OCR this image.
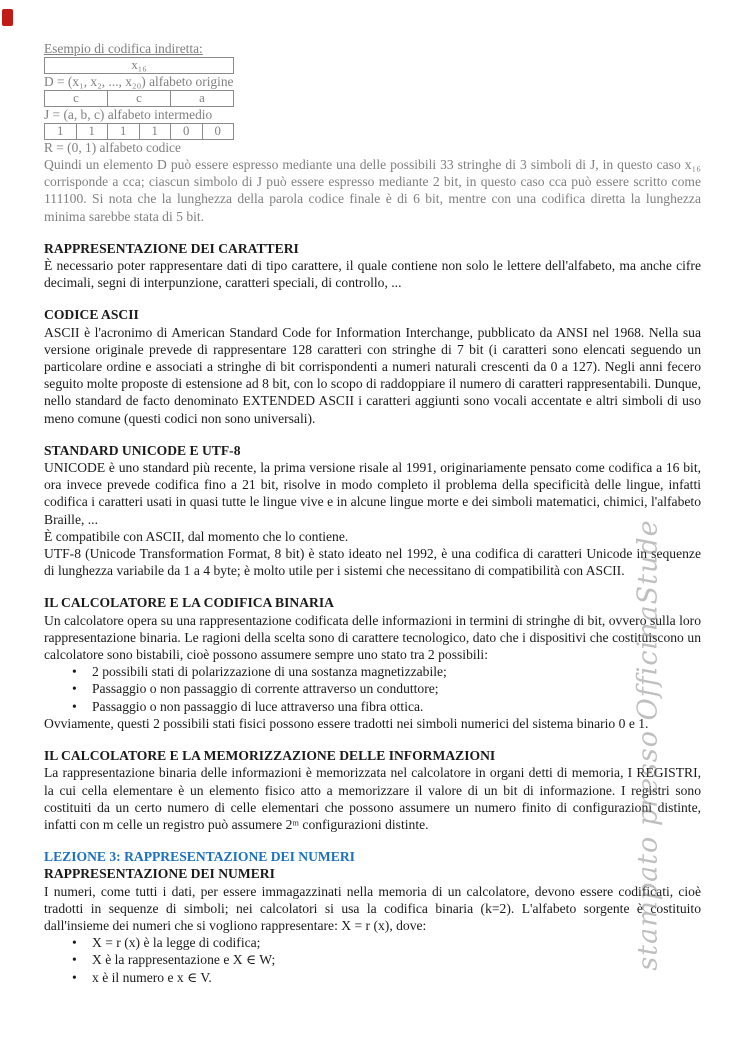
Esempio di codifica indiretta:
x₁₆
D = (x₁, x₂, ..., x₂₀) alfabeto origine
c	c	a
J = (a, b, c) alfabeto intermedio
1	1	1	1	0	0
R = (0, 1) alfabeto codice

Quindi un elemento D può essere espresso mediante una delle possibili 33 stringhe di 3 simboli di J, in questo caso x₁₆ corrisponde a cca; ciascun simbolo di J può essere espresso mediante 2 bit, in questo caso cca può essere scritto come 111100. Si nota che la lunghezza della parola codice finale è di 6 bit, mentre con una codifica diretta la lunghezza minima sarebbe stata di 5 bit.

RAPPRESENTAZIONE DEI CARATTERI

È necessario poter rappresentare dati di tipo carattere, il quale contiene non solo le lettere dell'alfabeto, ma anche cifre decimali, segni di interpunzione, caratteri speciali, di controllo, ...

CODICE ASCII

ASCII è l'acronimo di American Standard Code for Information Interchange, pubblicato da ANSI nel 1968. Nella sua versione originale prevede di rappresentare 128 caratteri con stringhe di 7 bit (i caratteri sono elencati seguendo un particolare ordine e associati a stringhe di bit corrispondenti a numeri naturali crescenti da 0 a 127). Negli anni fecero seguito molte proposte di estensione ad 8 bit, con lo scopo di raddoppiare il numero di caratteri rappresentabili. Dunque, nello standard de facto denominato EXTENDED ASCII i caratteri aggiunti sono vocali accentate e altri simboli di uso meno comune (questi codici non sono universali).

STANDARD UNICODE E UTF-8

UNICODE è uno standard più recente, la prima versione risale al 1991, originariamente pensato come codifica a 16 bit, ora invece prevede codifica fino a 21 bit, risolve in modo completo il problema della specificità delle lingue, infatti codifica i caratteri usati in quasi tutte le lingue vive e in alcune lingue morte e dei simboli matematici, chimici, l'alfabeto Braille, ...

È compatibile con ASCII, dal momento che lo contiene.

UTF-8 (Unicode Transformation Format, 8 bit) è stato ideato nel 1992, è una codifica di caratteri Unicode in sequenze di lunghezza variabile da 1 a 4 byte; è molto utile per i sistemi che necessitano di compatibilità con ASCII.

IL CALCOLATORE E LA CODIFICA BINARIA

Un calcolatore opera su una rappresentazione codificata delle informazioni in termini di stringhe di bit, ovvero sulla loro rappresentazione binaria. Le ragioni della scelta sono di carattere tecnologico, dato che i dispositivi che costituiscono un calcolatore sono bistabili, cioè possono assumere sempre uno stato tra 2 possibili:

• 2 possibili stati di polarizzazione di una sostanza magnetizzabile;
• Passaggio o non passaggio di corrente attraverso un conduttore;
• Passaggio o non passaggio di luce attraverso una fibra ottica.

Ovviamente, questi 2 possibili stati fisici possono essere tradotti nei simboli numerici del sistema binario 0 e 1.

IL CALCOLATORE E LA MEMORIZZAZIONE DELLE INFORMAZIONI

La rappresentazione binaria delle informazioni è memorizzata nel calcolatore in organi detti di memoria, I REGISTRI, la cui cella elementare è un elemento fisico atto a memorizzare il valore di un bit di informazione. I registri sono costituiti da un certo numero di celle elementari che possono assumere un numero finito di configurazioni distinte, infatti con m celle un registro può assumere 2ᵐ configurazioni distinte.

LEZIONE 3: RAPPRESENTAZIONE DEI NUMERI
RAPPRESENTAZIONE DEI NUMERI

I numeri, come tutti i dati, per essere immagazzinati nella memoria di un calcolatore, devono essere codificati, cioè tradotti in sequenze di simboli; nei calcolatori si usa la codifica binaria (k=2). L'alfabeto sorgente è costituito dall'insieme dei numeri che si vogliono rappresentare: X = r (x), dove:

• X = r (x) è la legge di codifica;
• X è la rappresentazione e X ∈ W;
• x è il numero e x ∈ V.
stampato presso OfficinaStude
